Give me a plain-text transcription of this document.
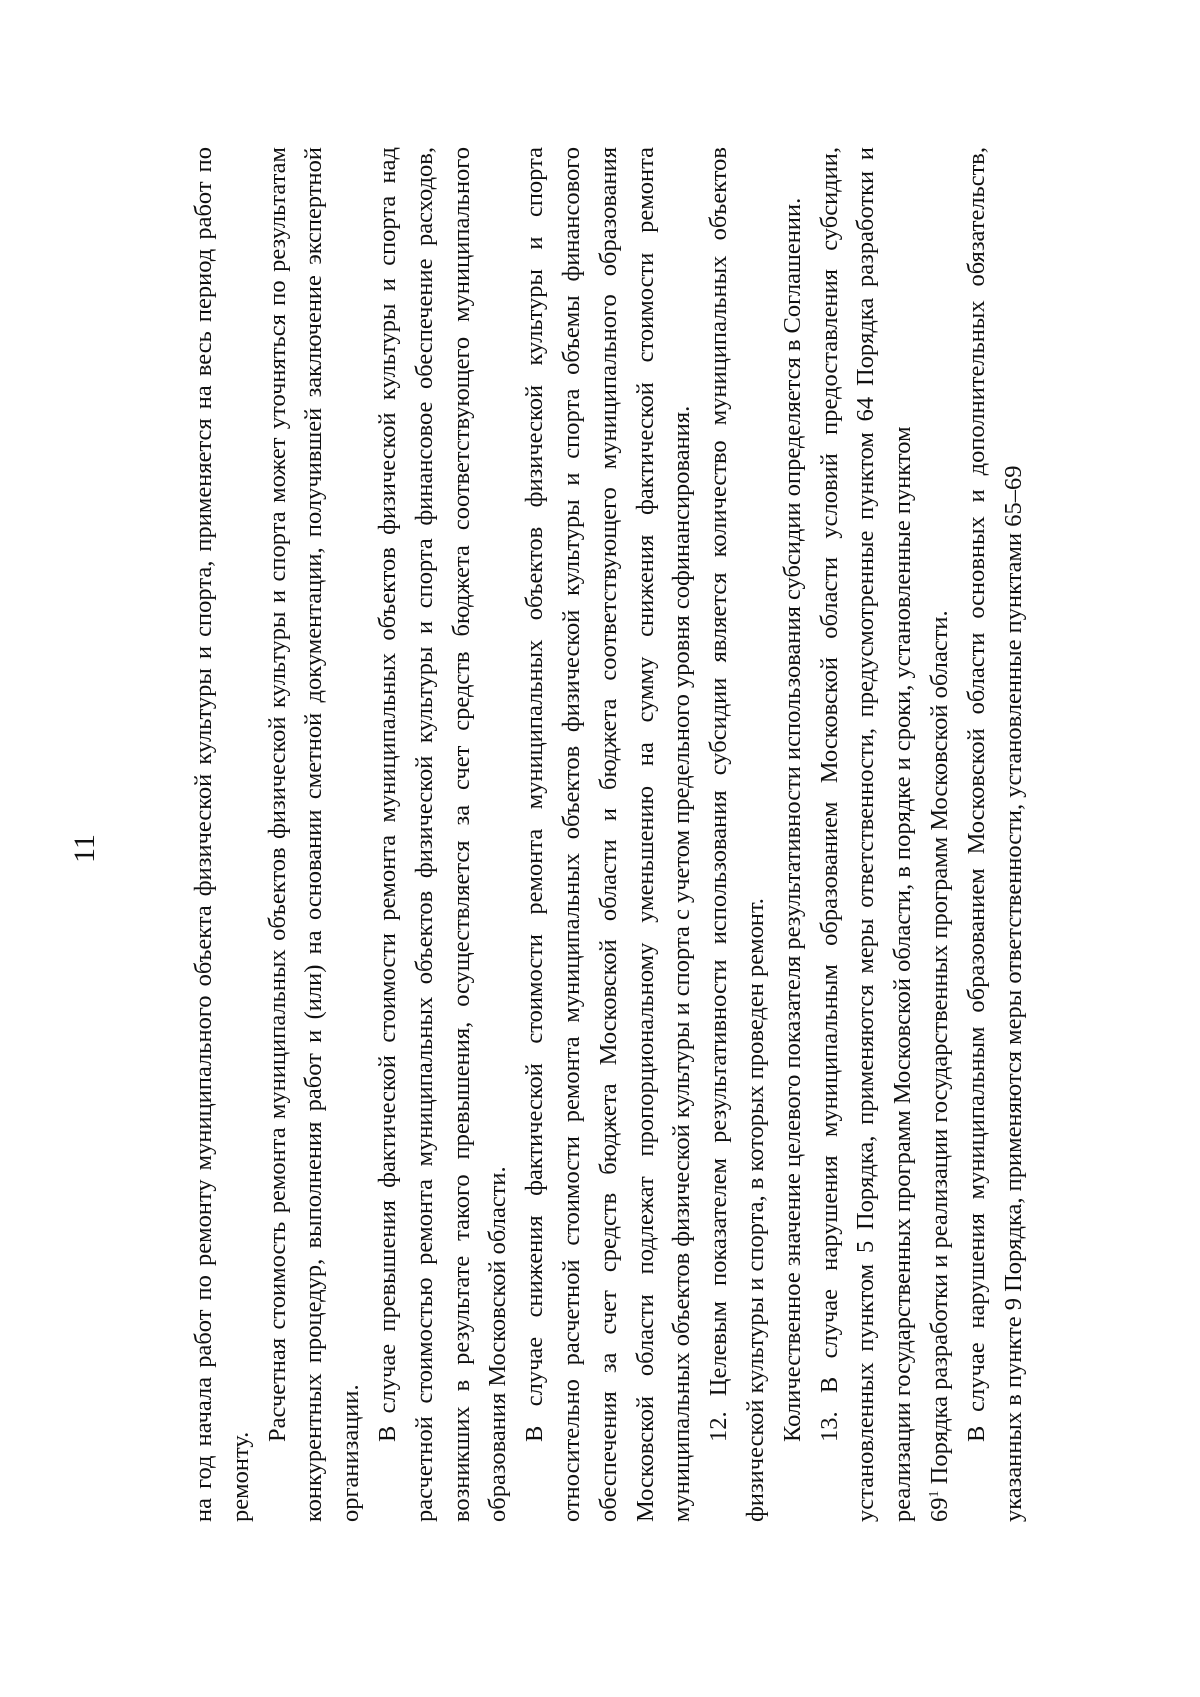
11	на год начала работ по ремонту муниципального объекта физической культуры и спорта, применяется на весь период работ по ремонту.

Расчетная стоимость ремонта муниципальных объектов физической культуры и спорта может уточняться по результатам конкурентных процедур, выполнения работ и (или) на основании сметной документации, получившей заключение экспертной организации.

В случае превышения фактической стоимости ремонта муниципальных объектов физической культуры и спорта над расчетной стоимостью ремонта муниципальных объектов физической культуры и спорта финансовое обеспечение расходов, возникших в результате такого превышения, осуществляется за счет средств бюджета соответствующего муниципального образования Московской области. В случае снижения фактической стоимости ремонта муниципальных объектов физической культуры и спорта относительно расчетной стоимости ремонта муниципальных объектов физической культуры и спорта объемы финансового обеспечения за счет средств бюджета Московской области и бюджета соответствующего муниципального образования Московской области подлежат пропорциональному уменьшению на сумму снижения фактической стоимости ремонта муниципальных объектов физической культуры и спорта с учетом предельного уровня софинансирования. 12. Целевым показателем результативности использования субсидии является количество муниципальных объектов физической культуры и спорта, в которых проведен ремонт. Количественное значение целевого показателя результативности использования субсидии определяется в Соглашении. 13. В случае нарушения муниципальным образованием Московской области условий предоставления субсидии, установленных пунктом 5 Порядка, применяются меры ответственности, предусмотренные пунктом 64 Порядка разработки и реализации государственных программ Московской области, в порядке и сроки, установленные пунктом $69^1$ Порядка разработки и реализации государственных программ Московской области. В случае нарушения муниципальным образованием Московской области основных и дополнительных обязательств, указанных в пункте 9 Порядка, применяются меры ответственности, установленные пунктами 65–69
